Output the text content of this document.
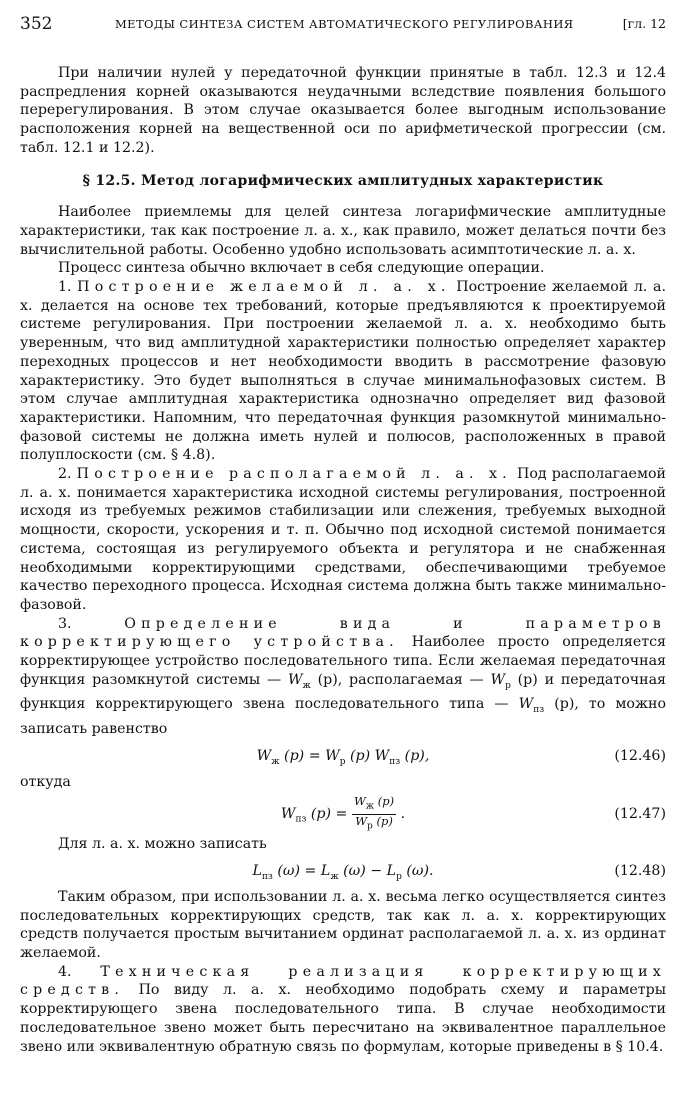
352	МЕТОДЫ СИНТЕЗА СИСТЕМ АВТОМАТИЧЕСКОГО РЕГУЛИРОВАНИЯ	[гл. 12

При наличии нулей у передаточной функции принятые в табл. 12.3 и 12.4 распредления корней оказываются неудачными вследствие появления большого перерегулирования. В этом случае оказывается более выгодным использование расположения корней на вещественной оси по арифметической прогрессии (см. табл. 12.1 и 12.2).

§ 12.5. Метод логарифмических амплитудных характеристик

Наиболее приемлемы для целей синтеза логарифмические амплитудные характеристики, так как построение л. а. х., как правило, может делаться почти без вычислительной работы. Особенно удобно использовать асимптотические л. а. х.

Процесс синтеза обычно включает в себя следующие операции.

1. Построение желаемой л. а. х. Построение желаемой л. а. х. делается на основе тех требований, которые предъявляются к проектируемой системе регулирования. При построении желаемой л. а. х. необходимо быть уверенным, что вид амплитудной характеристики полностью определяет характер переходных процессов и нет необходимости вводить в рассмотрение фазовую характеристику. Это будет выполняться в случае минимальнофазовых систем. В этом случае амплитудная характеристика однозначно определяет вид фазовой характеристики. Напомним, что передаточная функция разомкнутой минимально-фазовой системы не должна иметь нулей и полюсов, расположенных в правой полуплоскости (см. § 4.8).

2. Построение располагаемой л. а. х. Под располагаемой л. а. х. понимается характеристика исходной системы регулирования, построенной исходя из требуемых режимов стабилизации или слежения, требуемых выходной мощности, скорости, ускорения и т. п. Обычно под исходной системой понимается система, состоящая из регулируемого объекта и регулятора и не снабженная необходимыми корректирующими средствами, обеспечивающими требуемое качество переходного процесса. Исходная система должна быть также минимально-фазовой.

3.	Определение вида и параметров корректирующего устройства. Наиболее просто определяется корректирующее устройство последовательного типа. Если желаемая передаточная функция разомкнутой системы — $W_ж$ (p), располагаемая — $W_р$ (p) и передаточная функция корректирующего звена последовательного типа — $W_{пз}$ (p), то можно записать равенство

$W_ж$ $(p) = W_р$ (p) $W_{пз}$ (p),	(12.46)

откуда

$W_{пз}$ $(p) = \frac{W_ж (p)}{W_р (p)}$ .	(12.47)

Для л. а. х. можно записать

$L_{пз}$ $(\omega) = L_ж$ $(\omega) - L_р$ (ω).	(12.48)

Таким образом, при использовании л. а. х. весьма легко осуществляется синтез последовательных корректирующих средств, так как л. а. х. корректирующих средств получается простым вычитанием ординат располагаемой л. а. х. из ординат желаемой.

4. Техническая реализация корректирующих средств. По виду л. а. х. необходимо подобрать схему и параметры корректирующего звена последовательного типа. В случае необходимости последовательное звено может быть пересчитано на эквивалентное параллельное звено или эквивалентную обратную связь по формулам, которые приведены в § 10.4.
